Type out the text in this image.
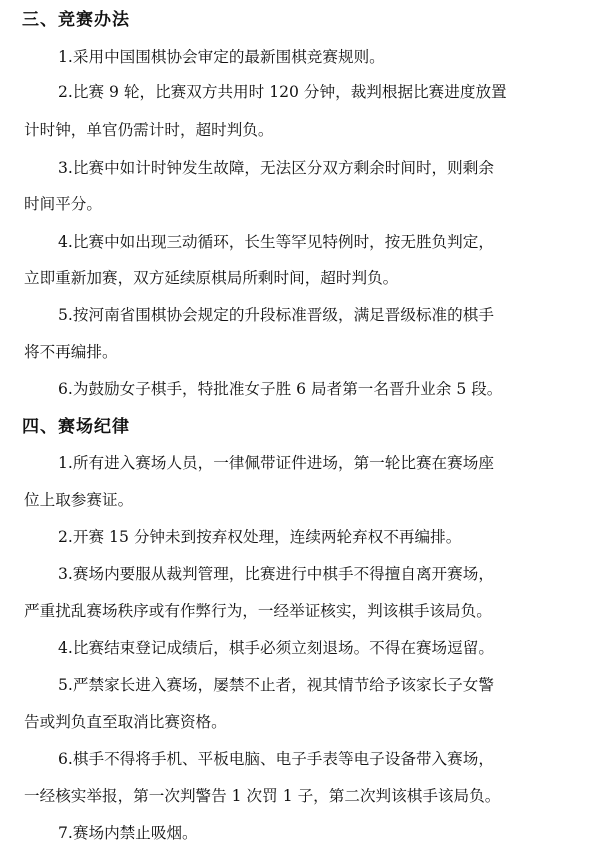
三、竞赛办法
1.采用中国围棋协会审定的最新围棋竞赛规则。
2.比赛 9 轮，比赛双方共用时 120 分钟，裁判根据比赛进度放置
计时钟，单官仍需计时，超时判负。
3.比赛中如计时钟发生故障，无法区分双方剩余时间时，则剩余
时间平分。
4.比赛中如出现三动循环，长生等罕见特例时，按无胜负判定，
立即重新加赛，双方延续原棋局所剩时间，超时判负。
5.按河南省围棋协会规定的升段标准晋级，满足晋级标准的棋手
将不再编排。
6.为鼓励女子棋手，特批准女子胜 6 局者第一名晋升业余 5 段。
四、赛场纪律
1.所有进入赛场人员，一律佩带证件进场，第一轮比赛在赛场座
位上取参赛证。
2.开赛 15 分钟未到按弃权处理，连续两轮弃权不再编排。
3.赛场内要服从裁判管理，比赛进行中棋手不得擅自离开赛场，
严重扰乱赛场秩序或有作弊行为，一经举证核实，判该棋手该局负。
4.比赛结束登记成绩后，棋手必须立刻退场。不得在赛场逗留。
5.严禁家长进入赛场，屡禁不止者，视其情节给予该家长子女警
告或判负直至取消比赛资格。
6.棋手不得将手机、平板电脑、电子手表等电子设备带入赛场，
一经核实举报，第一次判警告 1 次罚 1 子，第二次判该棋手该局负。
7.赛场内禁止吸烟。
